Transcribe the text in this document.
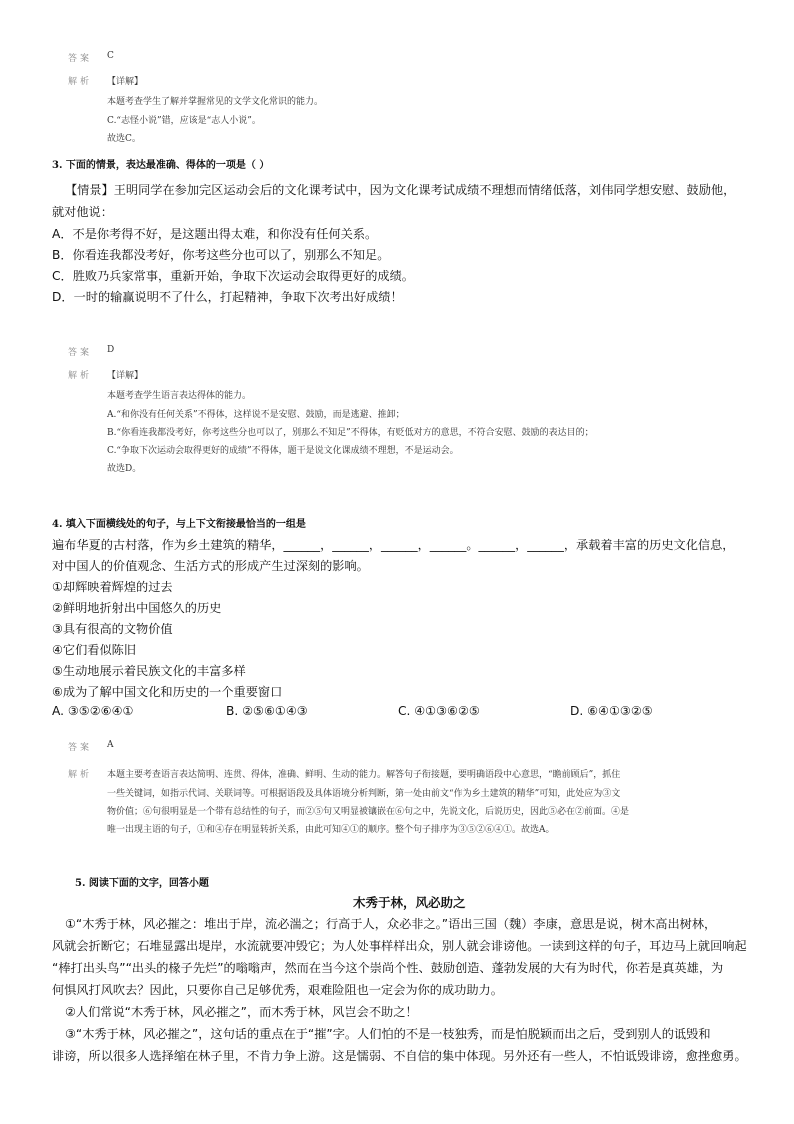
答案 C
解析 【详解】
本题考查学生了解并掌握常见的文学文化常识的能力。
C.“志怪小说”错，应该是“志人小说”。
故选C。
3. 下面的情景，表达最准确、得体的一项是（ ）
【情景】王明同学在参加完区运动会后的文化课考试中，因为文化课考试成绩不理想而情绪低落，刘伟同学想安慰、鼓励他，
就对他说：
A．不是你考得不好，是这题出得太难，和你没有任何关系。
B．你看连我都没考好，你考这些分也可以了，别那么不知足。
C．胜败乃兵家常事，重新开始，争取下次运动会取得更好的成绩。
D．一时的输赢说明不了什么，打起精神，争取下次考出好成绩！
答案 D
解析 【详解】
本题考查学生语言表达得体的能力。
A.“和你没有任何关系”不得体，这样说不是安慰、鼓励，而是逃避、推卸；
B.“你看连我都没考好，你考这些分也可以了，别那么不知足”不得体，有贬低对方的意思，不符合安慰、鼓励的表达目的；
C.“争取下次运动会取得更好的成绩”不得体，题干是说文化课成绩不理想，不是运动会。
故选D。
4. 填入下面横线处的句子，与上下文衔接最恰当的一组是
遍布华夏的古村落，作为乡土建筑的精华，______，______，______，______。______，______，承载着丰富的历史文化信息，
对中国人的价值观念、生活方式的形成产生过深刻的影响。
①却辉映着辉煌的过去
②鲜明地折射出中国悠久的历史
③具有很高的文物价值
④它们看似陈旧
⑤生动地展示着民族文化的丰富多样
⑥成为了解中国文化和历史的一个重要窗口
A. ③⑤②⑥④①	B. ②⑤⑥①④③	C. ④①③⑥②⑤	D. ⑥④①③②⑤
答案 A
解析 本题主要考查语言表达简明、连贯、得体，准确、鲜明、生动的能力。解答句子衔接题，要明确语段中心意思，“瞻前顾后”，抓住
一些关键词，如指示代词、关联词等。可根据语段及具体语境分析判断，第一处由前文“作为乡土建筑的精华”可知，此处应为③文
物价值；⑥句很明显是一个带有总结性的句子，而②⑤句又明显被镶嵌在⑥句之中，先说文化，后说历史，因此⑤必在②前面。④是
唯一出现主语的句子，①和④存在明显转折关系，由此可知④①的顺序。整个句子排序为③⑤②⑥④①。故选A。
5. 阅读下面的文字，回答小题
木秀于林，风必助之
①“木秀于林，风必摧之：堆出于岸，流必湍之；行高于人，众必非之。”语出三国（魏）李康，意思是说，树木高出树林，
风就会折断它；石堆显露出堤岸，水流就要冲毁它；为人处事样样出众，别人就会诽谤他。一读到这样的句子，耳边马上就回响起
“棒打出头鸟”“出头的椽子先烂”的嗡嗡声，然而在当今这个崇尚个性、鼓励创造、蓬勃发展的大有为时代，你若是真英雄，为
何惧风打风吹去？因此，只要你自己足够优秀，艰难险阻也一定会为你的成功助力。
②人们常说“木秀于林，风必摧之”，而木秀于林，风岂会不助之！
③“木秀于林，风必摧之”，这句话的重点在于“摧”字。人们怕的不是一枝独秀，而是怕脱颖而出之后，受到别人的诋毁和
诽谤，所以很多人选择缩在林子里，不肯力争上游。这是懦弱、不自信的集中体现。另外还有一些人，不怕诋毁诽谤，愈挫愈勇。
